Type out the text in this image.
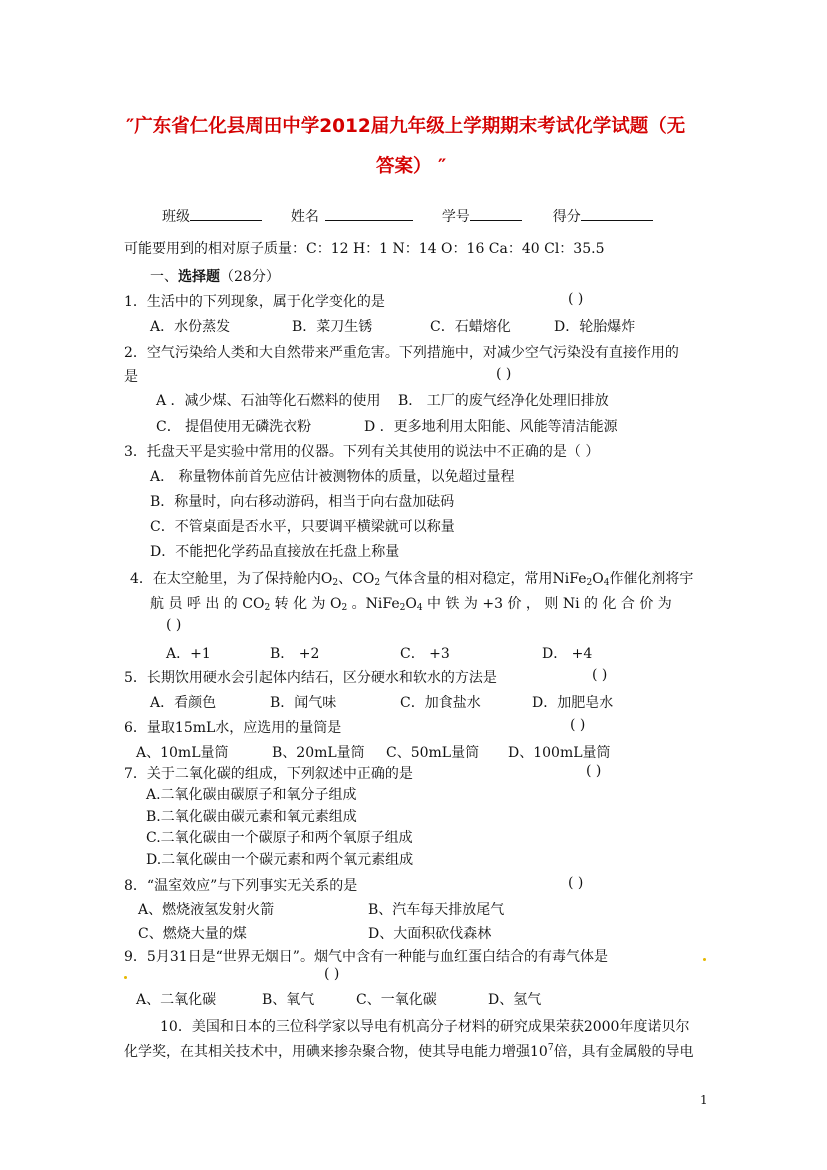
″广东省仁化县周田中学2012届九年级上学期期末考试化学试题（无
答案） ″
班级	姓名	学号	得分
可能要用到的相对原子质量：C：12 H：1 N：14 O：16 Ca：40 Cl：35.5
一、选择题（28分）
1．生活中的下列现象，属于化学变化的是	( )
A．水份蒸发	B．菜刀生锈	C．石蜡熔化	D．轮胎爆炸
2．空气污染给人类和大自然带来严重危害。下列措施中，对减少空气污染没有直接作用的
是	( )
A ．减少煤、石油等化石燃料的使用 B． 工厂的废气经净化处理旧排放
C． 提倡使用无磷洗衣粉	D ．更多地利用太阳能、风能等清洁能源
3．托盘天平是实验中常用的仪器。下列有关其使用的说法中不正确的是（ ）
A． 称量物体前首先应估计被测物体的质量，以免超过量程
B．称量时，向右移动游码，相当于向右盘加砝码
C．不管桌面是否水平，只要调平横梁就可以称量
D．不能把化学药品直接放在托盘上称量
4．在太空舱里，为了保持舱内$O_2$、$CO_2$ 气体含量的相对稳定，常用$NiFe_2O_4$作催化剂将宇
航 员 呼 出 的 $CO_2$ 转 化 为 $O_2$ 。$NiFe_2O_4$ 中 铁 为 +3 价 ， 则 Ni 的 化 合 价 为
( )
A．+1	B． +2	C． +3	D． +4
5．长期饮用硬水会引起体内结石，区分硬水和软水的方法是	( )
A．看颜色	B．闻气味	C．加食盐水	D．加肥皂水
6．量取15mL水，应选用的量筒是	( )
A、10mL量筒	B、20mL量筒 C、50mL量筒 D、100mL量筒
7．关于二氧化碳的组成，下列叙述中正确的是	( )
A.二氧化碳由碳原子和氧分子组成
B.二氧化碳由碳元素和氧元素组成
C.二氧化碳由一个碳原子和两个氧原子组成
D.二氧化碳由一个碳元素和两个氧元素组成
8．“温室效应”与下列事实无关系的是	( )
A、燃烧液氢发射火箭	B、汽车每天排放尾气
C、燃烧大量的煤	D、大面积砍伐森林
9．5月31日是“世界无烟日”。烟气中含有一种能与血红蛋白结合的有毒气体是
( )
A、二氧化碳	B、氧气	C、一氧化碳	D、氢气
10．美国和日本的三位科学家以导电有机高分子材料的研究成果荣获2000年度诺贝尔
化学奖，在其相关技术中，用碘来掺杂聚合物，使其导电能力增强$10^7$倍，具有金属般的导电
1
